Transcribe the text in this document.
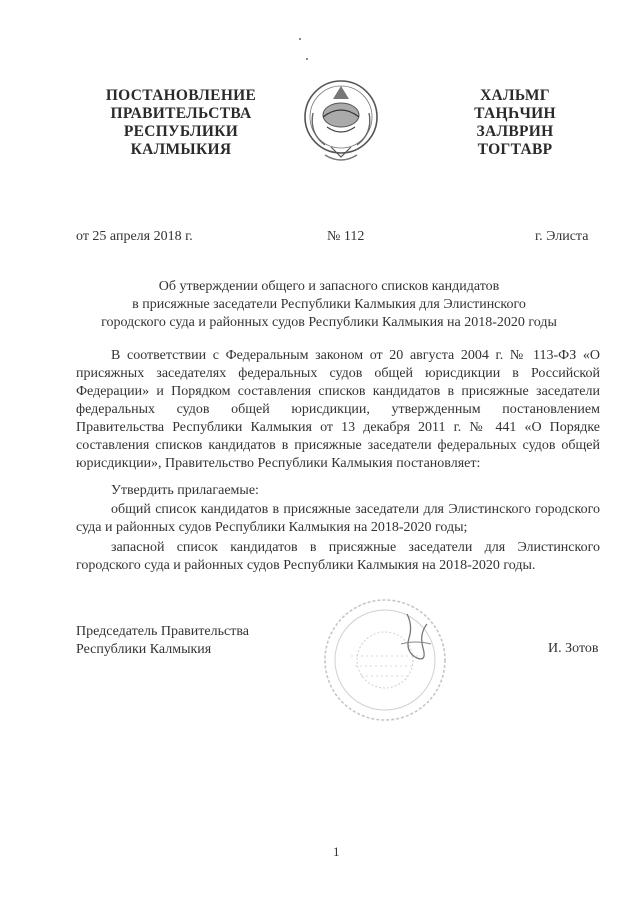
ПОСТАНОВЛЕНИЕ
ПРАВИТЕЛЬСТВА
РЕСПУБЛИКИ
КАЛМЫКИЯ
ХАЛЬМГ
ТАҢҺЧИН
ЗАЛВРИН
ТОГТАВР
от 25 апреля 2018 г.	№ 112	г. Элиста
Об утверждении общего и запасного списков кандидатов
в присяжные заседатели Республики Калмыкия для Элистинского
городского суда и районных судов Республики Калмыкия на 2018-2020 годы

В соответствии с Федеральным законом от 20 августа 2004 г. № 113-ФЗ «О присяжных заседателях федеральных судов общей юрисдикции в Российской Федерации» и Порядком составления списков кандидатов в присяжные заседатели федеральных судов общей юрисдикции, утвержденным постановлением Правительства Республики Калмыкия от 13 декабря 2011 г. № 441 «О Порядке составления списков кандидатов в присяжные заседатели федеральных судов общей юрисдикции», Правительство Республики Калмыкия постановляет:

Утвердить прилагаемые:

общий список кандидатов в присяжные заседатели для Элистинского городского суда и районных судов Республики Калмыкия на 2018-2020 годы;

запасной список кандидатов в присяжные заседатели для Элистинского городского суда и районных судов Республики Калмыкия на 2018-2020 годы.

Председатель Правительства
Республики Калмыкия	И. Зотов
1
